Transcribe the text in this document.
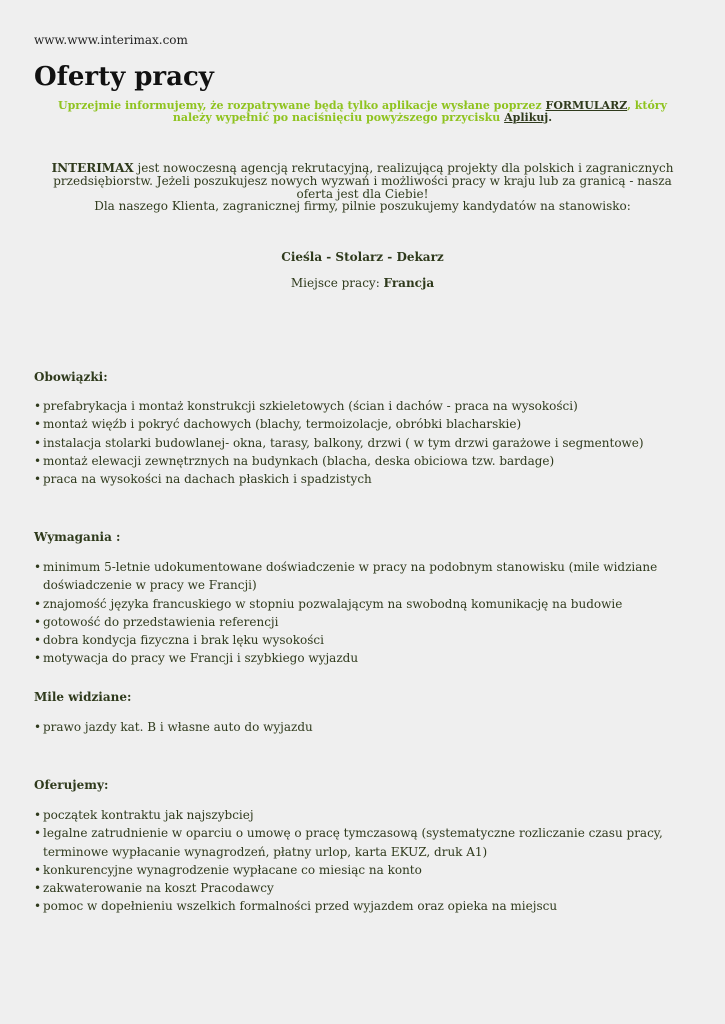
www.www.interimax.com
Oferty pracy
Uprzejmie informujemy, że rozpatrywane będą tylko aplikacje wysłane poprzez FORMULARZ, który należy wypełnić po naciśnięciu powyższego przycisku Aplikuj.
INTERIMAX jest nowoczesną agencją rekrutacyjną, realizującą projekty dla polskich i zagranicznych przedsiębiorstw. Jeżeli poszukujesz nowych wyzwań i możliwości pracy w kraju lub za granicą - nasza oferta jest dla Ciebie!
Dla naszego Klienta, zagranicznej firmy, pilnie poszukujemy kandydatów na stanowisko:
Cieśla - Stolarz - Dekarz
Miejsce pracy: Francja
Obowiązki:
• prefabrykacja i montaż konstrukcji szkieletowych (ścian i dachów - praca na wysokości)
• montaż więźb i pokryć dachowych (blachy, termoizolacje, obróbki blacharskie)
• instalacja stolarki budowlanej- okna, tarasy, balkony, drzwi ( w tym drzwi garażowe i segmentowe)
• montaż elewacji zewnętrznych na budynkach (blacha, deska obiciowa tzw. bardage)
• praca na wysokości na dachach płaskich i spadzistych
Wymagania :
• minimum 5-letnie udokumentowane doświadczenie w pracy na podobnym stanowisku (mile widziane doświadczenie w pracy we Francji)
• znajomość języka francuskiego w stopniu pozwalającym na swobodną komunikację na budowie
• gotowość do przedstawienia referencji
• dobra kondycja fizyczna i brak lęku wysokości
• motywacja do pracy we Francji i szybkiego wyjazdu
Mile widziane:
• prawo jazdy kat. B i własne auto do wyjazdu
Oferujemy:
• początek kontraktu jak najszybciej
• legalne zatrudnienie w oparciu o umowę o pracę tymczasową (systematyczne rozliczanie czasu pracy, terminowe wypłacanie wynagrodzeń, płatny urlop, karta EKUZ, druk A1)
• konkurencyjne wynagrodzenie wypłacane co miesiąc na konto
• zakwaterowanie na koszt Pracodawcy
• pomoc w dopełnieniu wszelkich formalności przed wyjazdem oraz opieka na miejscu
